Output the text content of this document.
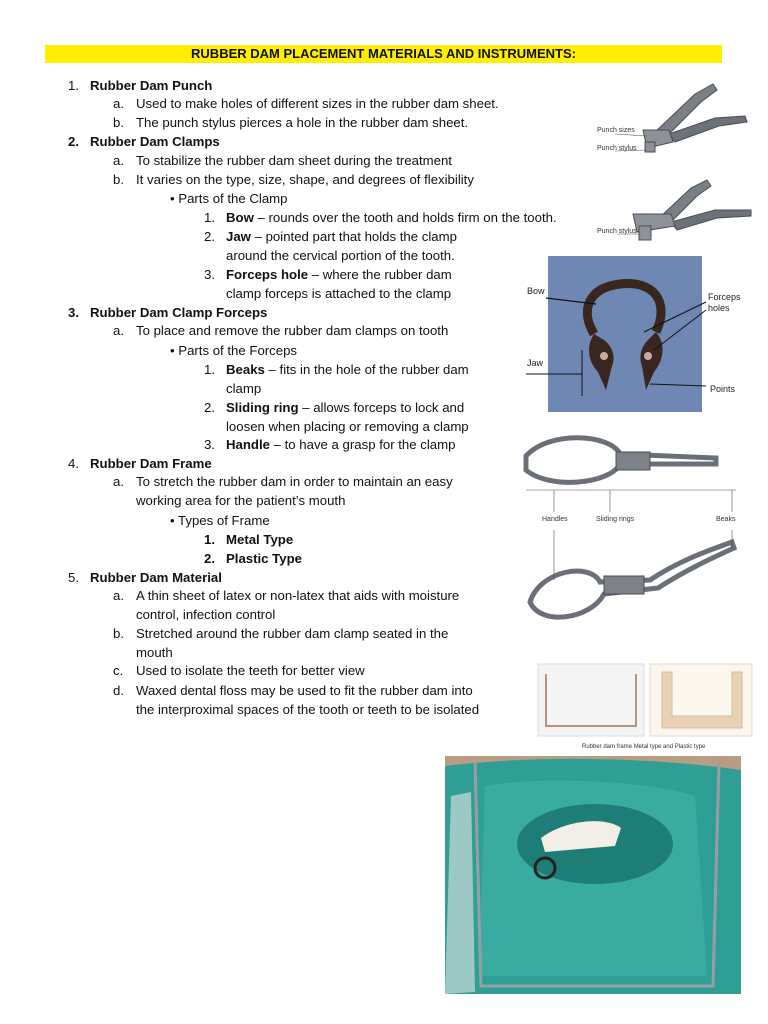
RUBBER DAM PLACEMENT MATERIALS AND INSTRUMENTS:
1. Rubber Dam Punch
a. Used to make holes of different sizes in the rubber dam sheet.
b. The punch stylus pierces a hole in the rubber dam sheet.
2. Rubber Dam Clamps
a. To stabilize the rubber dam sheet during the treatment
b. It varies on the type, size, shape, and degrees of flexibility
• Parts of the Clamp
1. Bow – rounds over the tooth and holds firm on the tooth.
2. Jaw – pointed part that holds the clamp
around the cervical portion of the tooth.
3. Forceps hole – where the rubber dam
clamp forceps is attached to the clamp
3. Rubber Dam Clamp Forceps
a. To place and remove the rubber dam clamps on tooth
• Parts of the Forceps
1. Beaks – fits in the hole of the rubber dam
clamp
2. Sliding ring – allows forceps to lock and
loosen when placing or removing a clamp
3. Handle – to have a grasp for the clamp
4. Rubber Dam Frame
a. To stretch the rubber dam in order to maintain an easy
working area for the patient’s mouth
• Types of Frame
1. Metal Type
2. Plastic Type
5. Rubber Dam Material
a. A thin sheet of latex or non-latex that aids with moisture
control, infection control
b. Stretched around the rubber dam clamp seated in the
mouth
c. Used to isolate the teeth for better view
d. Waxed dental floss may be used to fit the rubber dam into
the interproximal spaces of the tooth or teeth to be isolated
Punch sizes
Punch stylus
Punch stylus
Bow
Forceps
holes
Jaw
Points
Handles	Sliding rings	Beaks
Rubber dam frame Metal type and Plastic type
